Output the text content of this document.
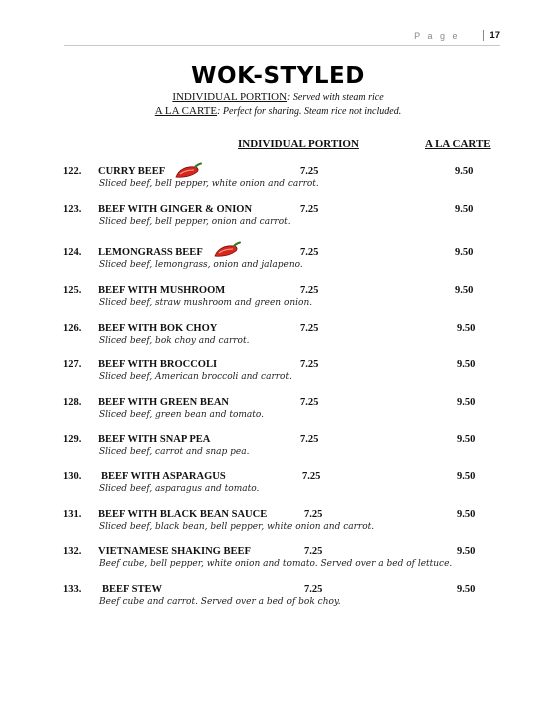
P a g e	17
WOK-STYLED
INDIVIDUAL PORTION: Served with steam rice
A LA CARTE: Perfect for sharing. Steam rice not included.
INDIVIDUAL PORTION	A LA CARTE
122. CURRY BEEF	7.25	9.50
Sliced beef, bell pepper, white onion and carrot.
123. BEEF WITH GINGER & ONION	7.25	9.50
Sliced beef, bell pepper, onion and carrot.
124. LEMONGRASS BEEF	7.25	9.50
Sliced beef, lemongrass, onion and jalapeno.
125. BEEF WITH MUSHROOM	7.25	9.50
Sliced beef, straw mushroom and green onion.
126. BEEF WITH BOK CHOY	7.25	9.50
Sliced beef, bok choy and carrot.
127. BEEF WITH BROCCOLI	7.25	9.50
Sliced beef, American broccoli and carrot.
128. BEEF WITH GREEN BEAN	7.25	9.50
Sliced beef, green bean and tomato.
129. BEEF WITH SNAP PEA	7.25	9.50
Sliced beef, carrot and snap pea.
130. BEEF WITH ASPARAGUS	7.25	9.50
Sliced beef, asparagus and tomato.
131. BEEF WITH BLACK BEAN SAUCE	7.25	9.50
Sliced beef, black bean, bell pepper, white onion and carrot.
132. VIETNAMESE SHAKING BEEF	7.25	9.50
Beef cube, bell pepper, white onion and tomato. Served over a bed of lettuce.
133. BEEF STEW	7.25	9.50
Beef cube and carrot. Served over a bed of bok choy.
